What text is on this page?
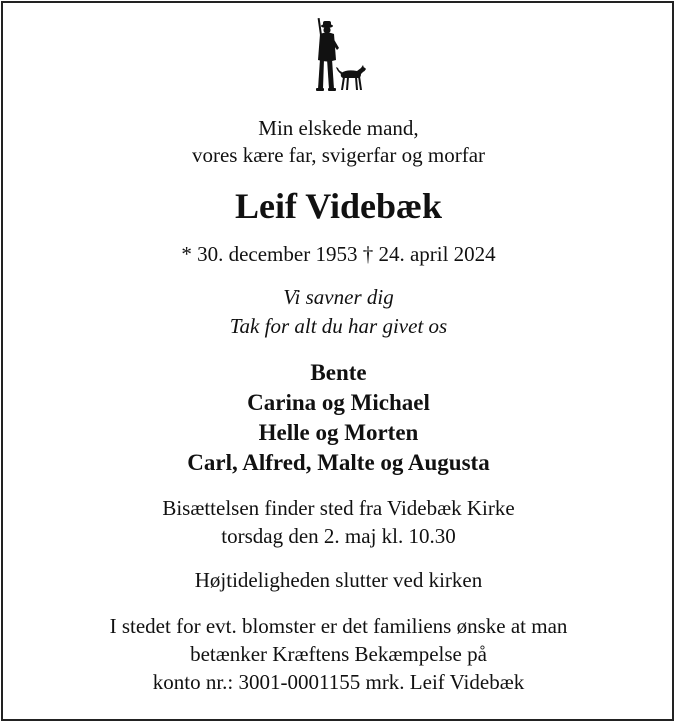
Min elskede mand,
vores kære far, svigerfar og morfar
Leif Videbæk
* 30. december 1953 † 24. april 2024
Vi savner dig
Tak for alt du har givet os
Bente
Carina og Michael
Helle og Morten
Carl, Alfred, Malte og Augusta
Bisættelsen finder sted fra Videbæk Kirke
torsdag den 2. maj kl. 10.30
Højtideligheden slutter ved kirken
I stedet for evt. blomster er det familiens ønske at man
betænker Kræftens Bekæmpelse på
konto nr.: 3001-0001155 mrk. Leif Videbæk
